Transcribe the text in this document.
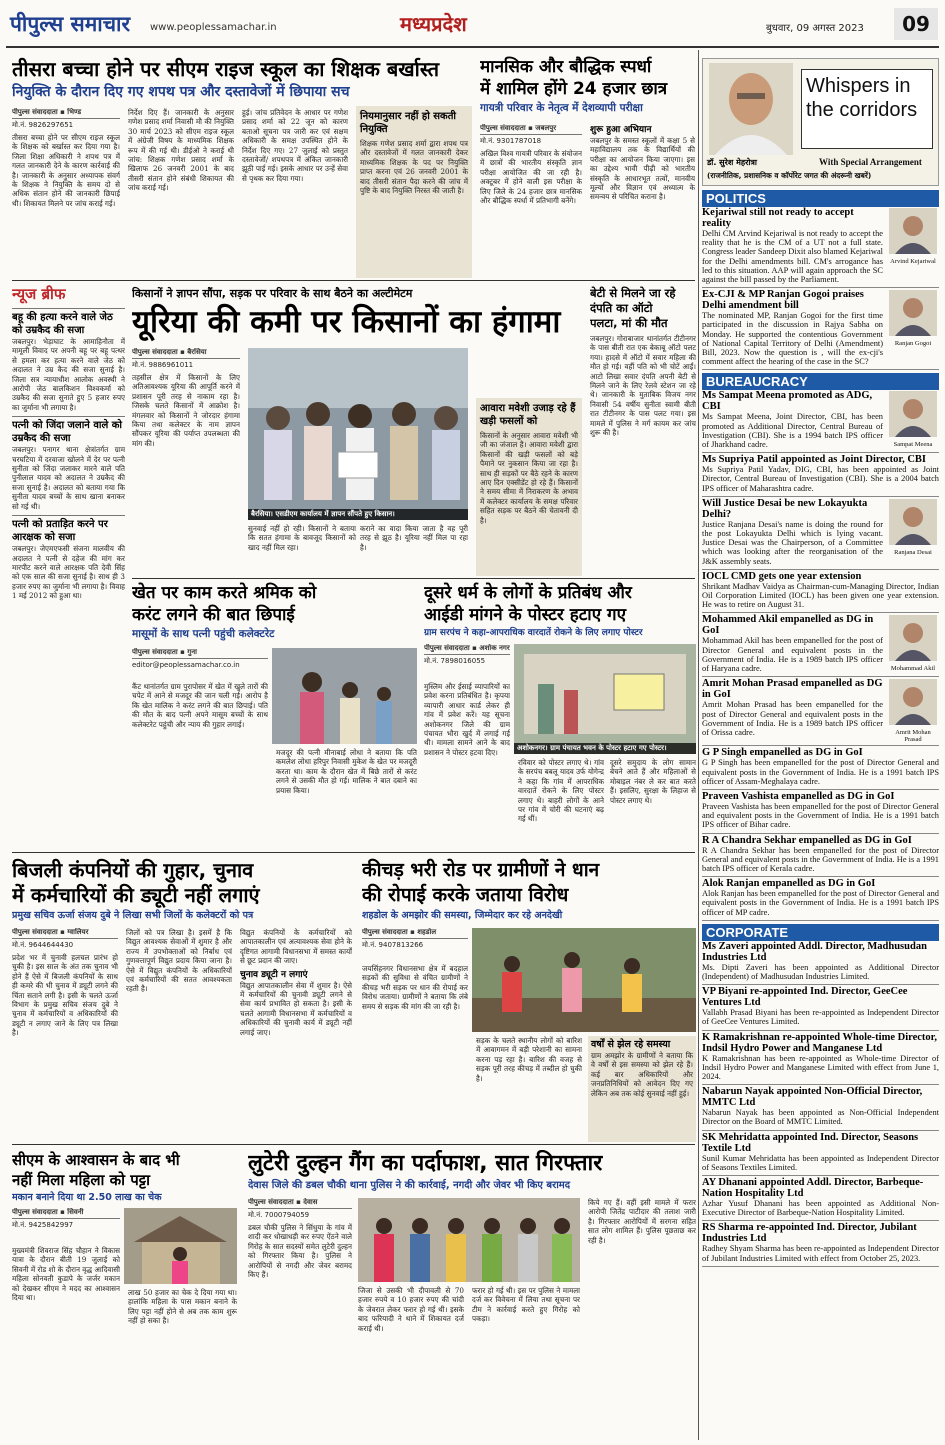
पीपुल्स समाचार www.peoplessamachar.in	मध्यप्रदेश	बुधवार, 09 अगस्त 2023	09
तीसरा बच्चा होने पर सीएम राइज स्कूल का शिक्षक बर्खास्त
नियुक्ति के दौरान दिए गए शपथ पत्र और दस्तावेजों में छिपाया सच
पीपुल्स संवाददाता ▪ भिण्ड
मो.नं. 9826297651
तीसरा बच्चा होने पर सीएम राइज स्कूल के शिक्षक को बर्खास्त कर दिया गया है। जिला शिक्षा अधिकारी ने शपथ पत्र में गलत जानकारी देने के कारण कार्रवाई की है। जानकारी के अनुसार अध्यापक संवर्ग के शिक्षक ने नियुक्ति के समय दो से अधिक संतान होने की जानकारी छिपाई थी। शिकायत मिलने पर जांच कराई गई।
निर्देश दिए हैं। जानकारी के अनुसार गणेश प्रसाद शर्मा निवासी मौ की नियुक्ति 30 मार्च 2023 को सीएम राइज स्कूल में अंग्रेजी विषय के माध्यमिक शिक्षक रूप में की गई थी। डीईओ ने कराई थी जांच: शिक्षक गणेश प्रसाद शर्मा के खिलाफ 26 जनवरी 2001 के बाद तीसरी संतान होने संबंधी शिकायत की जांच कराई गई।
हुई। जांच प्रतिवेदन के आधार पर गणेश प्रसाद शर्मा को 22 जून को कारण बताओ सूचना पत्र जारी कर एवं सक्षम अधिकारी के समक्ष उपस्थित होने के निर्देश दिए गए। 27 जुलाई को प्रस्तुत दस्तावेजों/ शपथपत्र में अंकित जानकारी झूठी पाई गई। इसके आधार पर उन्हें सेवा से पृथक कर दिया गया।
नियमानुसार नहीं हो सकती नियुक्ति
शिक्षक गणेश प्रसाद शर्मा द्वारा शपथ पत्र और दस्तावेजों में गलत जानकारी देकर माध्यमिक शिक्षक के पद पर नियुक्ति प्राप्त करना एवं 26 जनवरी 2001 के बाद तीसरी संतान पैदा करने की जांच में पुष्टि के बाद नियुक्ति निरस्त की जाती है।
मानसिक और बौद्धिक स्पर्धा
में शामिल होंगे 24 हजार छात्र
गायत्री परिवार के नेतृत्व में देशव्यापी परीक्षा
पीपुल्स संवाददाता ▪ जबलपुर
मो.नं. 9301787018
अखिल विश्व गायत्री परिवार के संयोजन में छात्रों की भारतीय संस्कृति ज्ञान परीक्षा आयोजित की जा रही है। अक्टूबर में होने वाली इस परीक्षा के लिए जिले के 24 हजार छात्र मानसिक और बौद्धिक स्पर्धा में प्रतिभागी बनेंगे।
शुरू हुआ अभियान
जबलपुर के समस्त स्कूलों में कक्षा 5 से महाविद्यालय तक के विद्यार्थियों की परीक्षा का आयोजन किया जाएगा। इस का उद्देश्य भावी पीढ़ी को भारतीय संस्कृति के आधारभूत तत्वों, मानवीय मूल्यों और विज्ञान एवं अध्यात्म के समन्वय से परिचित कराना है।
Whispers in the corridors
डॉ. सुरेश मेहरोत्रा	With Special Arrangement
(राजनीतिक, प्रशासनिक व कॉर्पोरेट जगत की अंदरूनी खबरें)
POLITICS
Arvind Kejariwal
Kejariwal still not ready to accept reality
Delhi CM Arvind Kejariwal is not ready to accept the reality that he is the CM of a UT not a full state. Congress leader Sandeep Dixit also blamed Kejariwal for the Delhi amendments bill. CM's arrogance has led to this situation. AAP will again approach the SC against the bill passed by the Parliament.
Ranjan Gogoi
Ex-CJI & MP Ranjan Gogoi praises Delhi amendment bill
The nominated MP, Ranjan Gogoi for the first time participated in the discussion in Rajya Sabha on Monday. He supported the contentious Government of National Capital Territory of Delhi (Amendment) Bill, 2023. Now the question is , will the ex-cji's comment affect the hearing of the case in the SC?
BUREAUCRACY
Sampat Meena
Ms Sampat Meena promoted as ADG, CBI
Ms Sampat Meena, Joint Director, CBI, has been promoted as Additional Director, Central Bureau of Investigation (CBI). She is a 1994 batch IPS officer of Jharkhand cadre.
Ms Supriya Patil appointed as Joint Director, CBI
Ms Supriya Patil Yadav, DIG, CBI, has been appointed as Joint Director, Central Bureau of Investigation (CBI). She is a 2004 batch IPS officer of Maharashtra cadre.
Ranjana Desai
Will Justice Desai be new Lokayukta Delhi?
Justice Ranjana Desai's name is doing the round for the post Lokayukta Delhi which is lying vacant. Justice Desai was the Chairperson, of a Committee which was looking after the reorganisation of the J&K assembly seats.
IOCL CMD gets one year extension
Shrikant Madhav Vaidya as Chairman-cum-Managing Director, Indian Oil Corporation Limited (IOCL) has been given one year extension. He was to retire on August 31.
Mohammad Akil
Mohammed Akil empanelled as DG in GoI
Mohammad Akil has been empanelled for the post of Director General and equivalent posts in the Government of India. He is a 1989 batch IPS officer of Haryana cadre.
Amrit Mohan Prasad
Amrit Mohan Prasad empanelled as DG in GoI
Amrit Mohan Prasad has been empanelled for the post of Director General and equivalent posts in the Government of India. He is a 1989 batch IPS officer of Orissa cadre.
G P Singh empanelled as DG in GoI
G P Singh has been empanelled for the post of Director General and equivalent posts in the Government of India. He is a 1991 batch IPS officer of Assam-Meghalaya cadre.
Praveen Vashista empanelled as DG in GoI
Praveen Vashista has been empanelled for the post of Director General and equivalent posts in the Government of India. He is a 1991 batch IPS officer of Bihar cadre.
R A Chandra Sekhar empanelled as DG in GoI
R A Chandra Sekhar has been empanelled for the post of Director General and equivalent posts in the Government of India. He is a 1991 batch IPS officer of Kerala cadre.
Alok Ranjan empanelled as DG in GoI
Alok Ranjan has been empanelled for the post of Director General and equivalent posts in the Government of India. He is a 1991 batch IPS officer of MP cadre.
CORPORATE
Ms Zaveri appointed Addl. Director, Madhusudan Industries Ltd
Ms. Dipti Zaveri has been appointed as Additional Director (Independent) of Madhusudan Industries Limited.
VP Biyani re-appointed Ind. Director, GeeCee Ventures Ltd
Vallabh Prasad Biyani has been re-appointed as Independent Director of GeeCee Ventures Limited.
K Ramakrishnan re-appointed Whole-time Director, Indsil Hydro Power and Manganese Ltd
K Ramakrishnan has been re-appointed as Whole-time Director of Indsil Hydro Power and Manganese Limited with effect from June 1, 2024.
Nabarun Nayak appointed Non-Official Director, MMTC Ltd
Nabarun Nayak has been appointed as Non-Official Independent Director on the Board of MMTC Limited.
SK Mehridatta appointed Ind. Director, Seasons Textile Ltd
Sunil Kumar Mehridatta has been appointed as Independent Director of Seasons Textiles Limited.
AY Dhanani appointed Addl. Director, Barbeque-Nation Hospitality Ltd
Azhar Yusuf Dhanani has been appointed as Additional Non-Executive Director of Barbeque-Nation Hospitality Limited.
RS Sharma re-appointed Ind. Director, Jubilant Industries Ltd
Radhey Shyam Sharma has been re-appointed as Independent Director of Jubilant Industries Limited with effect from October 25, 2023.
न्यूज ब्रीफ
बहू की हत्या करने वाले जेठ को उम्रकैद की सजा
जबलपुर। भेड़ाघाट के आमाहिनौता में मामूली विवाद पर अपनी बहू पर बहू पत्थर से हमला कर हत्या करने वाले जेठ को अदालत ने उम्र कैद की सजा सुनाई है। जिला सत्र न्यायाधीश आलोक अवस्थी ने आरोपी जेठ बालकिशन विश्वकर्मा को उम्रकैद की सजा सुनाते हुए 5 हजार रुपए का जुर्माना भी लगाया है।
पत्नी को जिंदा जलाने वाले को उम्रकैद की सजा
जबलपुर। पनागर थाना क्षेत्रांतर्गत ग्राम चरघटिया में दरवाजा खोलने में देर पर पत्नी सुनीता को जिंदा जलाकर मारने वाले पति पुनीलाल यादव को अदालत ने उम्रकैद की सजा सुनाई है। अदालत को बताया गया कि सुनीता यादव बच्चों के साथ खाना बनाकर सो गई थी।
पत्नी को प्रताड़ित करने पर आरक्षक को सजा
जबलपुर। जेएमएफसी संजना मालवीय की अदालत ने पत्नी से दहेज की मांग कर मारपीट करने वाले आरक्षक पति देवी सिंह को एक साल की सजा सुनाई है। साथ ही 3 हजार रुपए का जुर्माना भी लगाया है। विवाह 1 मई 2012 को हुआ था।
किसानों ने ज्ञापन सौंपा, सड़क पर परिवार के साथ बैठने का अल्टीमेटम
यूरिया की कमी पर किसानों का हंगामा
पीपुल्स संवाददाता ▪ बैरसिया
मो.नं. 9886961011
तहसील क्षेत्र में किसानों के लिए अतिआवश्यक यूरिया की आपूर्ति करने में प्रशासन पूरी तरह से नाकाम रहा है। जिसके चलते किसानों में आक्रोश है। मंगलवार को किसानों ने जोरदार हंगामा किया तथा कलेक्टर के नाम ज्ञापन सौंपकर यूरिया की पर्याप्त उपलब्धता की मांग की।
बैरसिया। एसडीएम कार्यालय में ज्ञापन सौंपते हुए किसान।
सुनवाई नहीं हो रही। किसानों ने बताया कि सतत हंगामा के बावजूद किसानों को खाद नहीं मिल रहा।
कराने का वादा किया जाता है वह पूरी तरह से झूठ है। यूरिया नहीं मिल पा रहा है।
आवारा मवेशी उजाड़ रहे हैं खड़ी फसलों को
किसानों के अनुसार आवारा मवेशी भी जी का जंजाल है। आवारा मवेशी द्वारा किसानों की खड़ी फसलों को बड़े पैमाने पर नुकसान किया जा रहा है। साथ ही सड़कों पर बैठे रहने के कारण आए दिन एक्सीडेंट हो रहे हैं। किसानों ने समय सीमा में निराकरण के अभाव में कलेक्टर कार्यालय के समक्ष परिवार सहित सड़क पर बैठने की चेतावनी दी है।
बेटी से मिलने जा रहे
दंपति का ऑटो
पलटा, मां की मौत
जबलपुर। गोराबाजार थानांतर्गत टीटीनगर के पास बीती रात एक बेकाबू ऑटो पलट गया। हादसे में ऑटो में सवार महिला की मौत हो गई। वहीं पति को भी चोटें आईं। आटो लिखा सवार दंपति अपनी बेटी से मिलने जाने के लिए रेलवे स्टेशन जा रहे थे। जानकारी के मुताबिक विजय नगर निवासी 54 वर्षीय सुनीता स्वामी बीती रात टीटीनगर के पास पलट गया। इस मामले में पुलिस ने मर्ग कायम कर जांच शुरू की है।
खेत पर काम करते श्रमिक को
करंट लगने की बात छिपाई
मासूमों के साथ पत्नी पहुंची कलेक्टरेट
पीपुल्स संवाददाता ▪ गुना
editor@peoplessamachar.co.in
कैंट थानांतर्गत ग्राम पुरापोसर में खेत में खुले तारों की चपेट में आने से मजदूर की जान चली गई। आरोप है कि खेत मालिक ने करंट लगने की बात छिपाई। पति की मौत के बाद पत्नी अपने मासूम बच्चों के साथ कलेक्टरेट पहुंची और न्याय की गुहार लगाई।
मजदूर की पत्नी मीनाबाई लोधा ने बताया कि पति कमलेश लोधा हरिपुर निवासी मुकेश के खेत पर मजदूरी करता था। काम के दौरान खेत में बिछे तारों से करंट लगने से उसकी मौत हो गई। मालिक ने बात दबाने का प्रयास किया।
दूसरे धर्म के लोगों के प्रतिबंध और
आईडी मांगने के पोस्टर हटाए गए
ग्राम सरपंच ने कहा-आपराधिक वारदातें रोकने के लिए लगाए पोस्टर
पीपुल्स संवाददाता ▪ अशोक नगर
मो.नं. 7898016055
अशोकनगर। ग्राम पंचायत भवन के पोस्टर हटाए गए पोस्टर।
मुस्लिम और ईसाई व्यापारियों का प्रवेश करना प्रतिबंधित है। कृपया व्यापारी आधार कार्ड लेकर ही गांव में प्रवेश करें। यह सूचना अशोकनगर जिले की ग्राम पंचायत भौरा खुर्द में लगाई गई थी। मामला सामने आने के बाद प्रशासन ने पोस्टर हटवा दिए।
रविवार को पोस्टर लगाए थे। गांव के सरपंच बबलू यादव उर्फ योगेन्द्र ने कहा कि गांव में आपराधिक वारदातें रोकने के लिए पोस्टर लगाए थे। बाहरी लोगों के आने पर गांव में चोरी की घटनाएं बढ़ गई थीं।
दूसरे समुदाय के लोग सामान बेचने आते हैं और महिलाओं से मोबाइल नंबर ले कर बात करते हैं। इसलिए, सुरक्षा के लिहाज से पोस्टर लगाए थे।
बिजली कंपनियों की गुहार, चुनाव
में कर्मचारियों की ड्यूटी नहीं लगाएं
प्रमुख सचिव ऊर्जा संजय दुबे ने लिखा सभी जिलों के कलेक्टरों को पत्र
पीपुल्स संवाददाता ▪ ग्वालियर
मो.नं. 9644644430
प्रदेश भर में चुनावी हलचल प्रारंभ हो चुकी है। इस साल के अंत तक चुनाव भी होने हैं ऐसे में बिजली कंपनियों के साथ ही कमरे की भी चुनाव में ड्यूटी लगने की चिंता सताने लगी है। इसी के चलते ऊर्जा विभाग के प्रमुख सचिव संजय दुबे ने चुनाव में कर्मचारियों व अधिकारियों की ड्यूटी न लगाए जाने के लिए पत्र लिखा है।
जिलों को पत्र लिखा है। इसमें है कि विद्युत आवश्यक सेवाओं में शुमार है और राज्य में उपभोक्ताओं को निर्बाध एवं गुणवत्तापूर्ण विद्युत प्रदाय किया जाना है। ऐसे में विद्युत कंपनियों के अधिकारियों एवं कर्मचारियों की सतत आवश्यकता रहती है।
विद्युत कंपनियों के कर्मचारियों को आपातकालीन एवं अत्यावश्यक सेवा होने के दृष्टिगत आगामी विधानसभा में समस्त कार्यों से छूट प्रदान की जाए।
चुनाव ड्यूटी न लगाएं
विद्युत आपातकालीन सेवा में शुमार है। ऐसे में कर्मचारियों की चुनावी ड्यूटी लगने से सेवा कार्य प्रभावित हो सकता है। इसी के चलते आगामी विधानसभा में कर्मचारियों व अधिकारियों की चुनावी कार्य में ड्यूटी नहीं लगाई जाए।
कीचड़ भरी रोड पर ग्रामीणों ने धान
की रोपाई करके जताया विरोध
शहडोल के अमझोर की समस्या, जिम्मेदार कर रहे अनदेखी
पीपुल्स संवाददाता ▪ शहडोल
मो.नं. 9407813266
जयसिंहनगर विधानसभा क्षेत्र में बदहाल सड़कों की सुविधा से वंचित ग्रामीणों ने कीचड़ भरी सड़क पर धान की रोपाई कर विरोध जताया। ग्रामीणों ने बताया कि लंबे समय से सड़क की मांग की जा रही है।
सड़क के चलते स्थानीय लोगों को बारिश में आवागमन में बड़ी परेशानी का सामना करना पड़ रहा है। बारिश की वजह से सड़क पूरी तरह कीचड़ में तब्दील हो चुकी है।
वर्षों से झेल रहे समस्या
ग्राम अमझोर के ग्रामीणों ने बताया कि वे वर्षों से इस समस्या को झेल रहे हैं। कई बार अधिकारियों और जनप्रतिनिधियों को आवेदन दिए गए लेकिन अब तक कोई सुनवाई नहीं हुई।
सीएम के आश्वासन के बाद भी
नहीं मिला महिला को पट्टा
मकान बनाने दिया था 2.50 लाख का चेक
पीपुल्स संवाददाता ▪ सिवनी
मो.नं. 9425842997
मुख्यमंत्री शिवराज सिंह चौहान ने विकास यात्रा के दौरान बीती 19 जुलाई को सिवनी में रोड शो के दौरान वृद्ध आदिवासी महिला सोनवती कुडापे के जर्जर मकान को देखकर सीएम ने मदद का आश्वासन दिया था।
लाख 50 हजार का चेक दे दिया गया था। हालांकि महिला के पास मकान बनाने के लिए पट्टा नहीं होने से अब तक काम शुरू नहीं हो सका है।
लुटेरी दुल्हन गैंग का पर्दाफाश, सात गिरफ्तार
देवास जिले की डबल चौकी थाना पुलिस ने की कार्रवाई, नगदी और जेवर भी किए बरामद
पीपुल्स संवाददाता ▪ देवास
मो.नं. 7000794059
डबल चौकी पुलिस ने सिंधुया के गांव में शादी कर धोखाधड़ी कर रुपए ऐंठने वाले गिरोह के सात सदस्यों समेत लुटेरी दुल्हन को गिरफ्तार किया है। पुलिस ने आरोपियों से नगदी और जेवर बरामद किए हैं।
जिजा से उसकी भी दीपावली से 70 हजार रुपये व 10 हजार रुपए की चांदी के जेवरात लेकर फरार हो गई थी। इसके बाद फरियादी ने थाने में शिकायत दर्ज कराई थी।
फरार हो गई थी। इस पर पुलिस ने मामला दर्ज कर विवेचना में लिया तथा सूचना पर टीम ने कार्रवाई करते हुए गिरोह को पकड़ा।
किये गए हैं। वहीं इसी मामले में फरार आरोपी जितेंद्र पाटीदार की तलाश जारी है। गिरफ्तार आरोपियों में सरगना सहित सात लोग शामिल हैं। पुलिस पूछताछ कर रही है।
